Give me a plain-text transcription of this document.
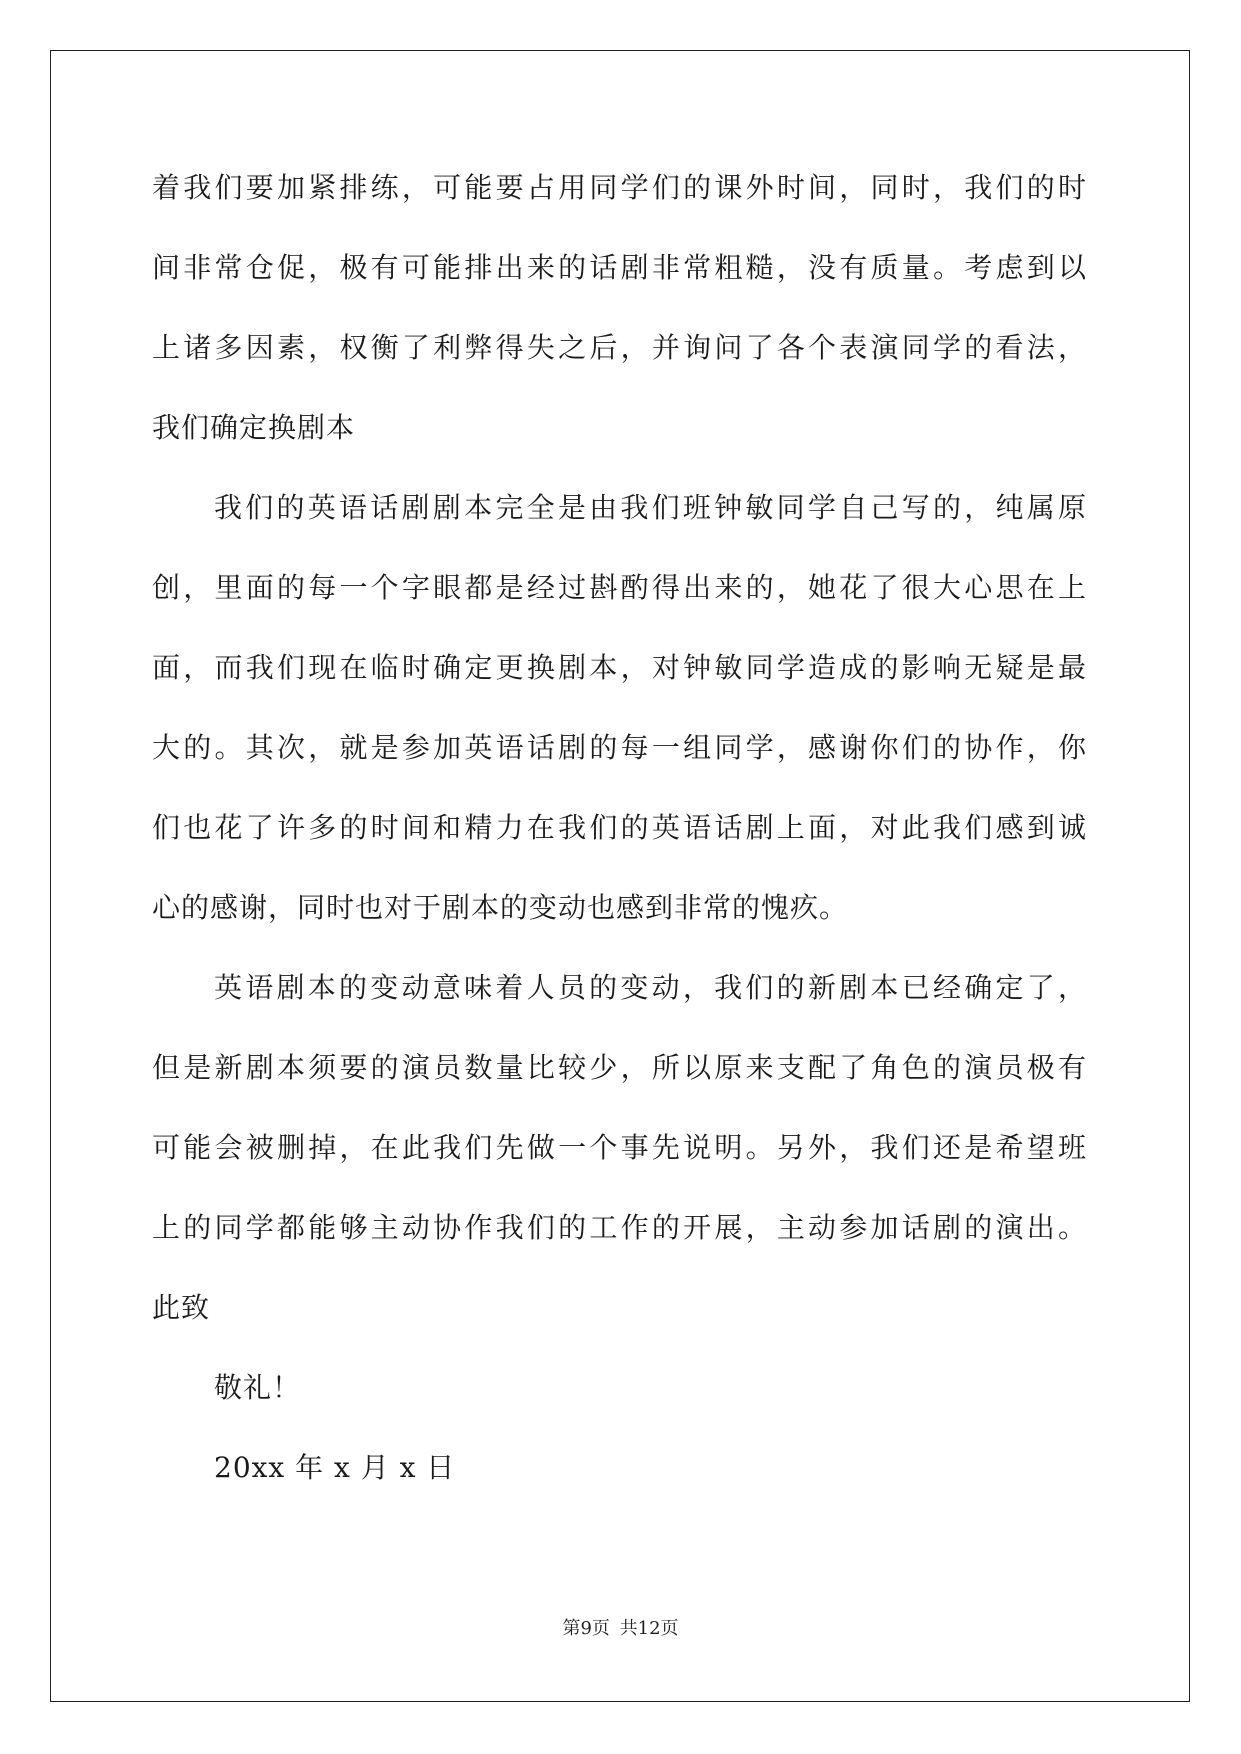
着我们要加紧排练，可能要占用同学们的课外时间，同时，我们的时
间非常仓促，极有可能排出来的话剧非常粗糙，没有质量。考虑到以
上诸多因素，权衡了利弊得失之后，并询问了各个表演同学的看法，
我们确定换剧本
我们的英语话剧剧本完全是由我们班钟敏同学自己写的，纯属原
创，里面的每一个字眼都是经过斟酌得出来的，她花了很大心思在上
面，而我们现在临时确定更换剧本，对钟敏同学造成的影响无疑是最
大的。其次，就是参加英语话剧的每一组同学，感谢你们的协作，你
们也花了许多的时间和精力在我们的英语话剧上面，对此我们感到诚
心的感谢，同时也对于剧本的变动也感到非常的愧疚。
英语剧本的变动意味着人员的变动，我们的新剧本已经确定了，
但是新剧本须要的演员数量比较少，所以原来支配了角色的演员极有
可能会被删掉，在此我们先做一个事先说明。另外，我们还是希望班
上的同学都能够主动协作我们的工作的开展，主动参加话剧的演出。
此致
敬礼！
20xx 年 x 月 x 日
第9页 共12页
